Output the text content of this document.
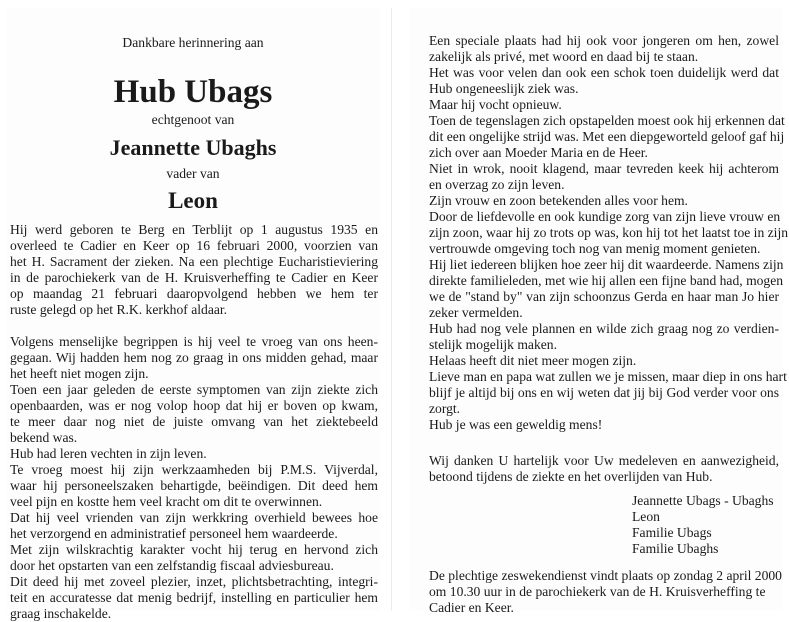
Dankbare herinnering aan
Hub Ubags
echtgenoot van
Jeannette Ubaghs
vader van
Leon
Hij werd geboren te Berg en Terblijt op 1 augustus 1935 en
overleed te Cadier en Keer op 16 februari 2000, voorzien van
het H. Sacrament der zieken. Na een plechtige Eucharistieviering
in de parochiekerk van de H. Kruisverheffing te Cadier en Keer
op maandag 21 februari daaropvolgend hebben we hem ter
ruste gelegd op het R.K. kerkhof aldaar.
Volgens menselijke begrippen is hij veel te vroeg van ons heen-
gegaan. Wij hadden hem nog zo graag in ons midden gehad, maar
het heeft niet mogen zijn.
Toen een jaar geleden de eerste symptomen van zijn ziekte zich
openbaarden, was er nog volop hoop dat hij er boven op kwam,
te meer daar nog niet de juiste omvang van het ziektebeeld
bekend was.
Hub had leren vechten in zijn leven.
Te vroeg moest hij zijn werkzaamheden bij P.M.S. Vijverdal,
waar hij personeelszaken behartigde, beëindigen. Dit deed hem
veel pijn en kostte hem veel kracht om dit te overwinnen.
Dat hij veel vrienden van zijn werkkring overhield bewees hoe
het verzorgend en administratief personeel hem waardeerde.
Met zijn wilskrachtig karakter vocht hij terug en hervond zich
door het opstarten van een zelfstandig fiscaal adviesbureau.
Dit deed hij met zoveel plezier, inzet, plichtsbetrachting, integri-
teit en accuratesse dat menig bedrijf, instelling en particulier hem
graag inschakelde.
Een speciale plaats had hij ook voor jongeren om hen, zowel
zakelijk als privé, met woord en daad bij te staan.
Het was voor velen dan ook een schok toen duidelijk werd dat
Hub ongeneeslijk ziek was.
Maar hij vocht opnieuw.
Toen de tegenslagen zich opstapelden moest ook hij erkennen dat
dit een ongelijke strijd was. Met een diepgeworteld geloof gaf hij
zich over aan Moeder Maria en de Heer.
Niet in wrok, nooit klagend, maar tevreden keek hij achterom
en overzag zo zijn leven.
Zijn vrouw en zoon betekenden alles voor hem.
Door de liefdevolle en ook kundige zorg van zijn lieve vrouw en
zijn zoon, waar hij zo trots op was, kon hij tot het laatst toe in zijn
vertrouwde omgeving toch nog van menig moment genieten.
Hij liet iedereen blijken hoe zeer hij dit waardeerde. Namens zijn
direkte familieleden, met wie hij allen een fijne band had, mogen
we de "stand by" van zijn schoonzus Gerda en haar man Jo hier
zeker vermelden.
Hub had nog vele plannen en wilde zich graag nog zo verdien-
stelijk mogelijk maken.
Helaas heeft dit niet meer mogen zijn.
Lieve man en papa wat zullen we je missen, maar diep in ons hart
blijf je altijd bij ons en wij weten dat jij bij God verder voor ons
zorgt.
Hub je was een geweldig mens!
Wij danken U hartelijk voor Uw medeleven en aanwezigheid,
betoond tijdens de ziekte en het overlijden van Hub.
Jeannette Ubags - Ubaghs
Leon
Familie Ubags
Familie Ubaghs
De plechtige zeswekendienst vindt plaats op zondag 2 april 2000
om 10.30 uur in de parochiekerk van de H. Kruisverheffing te
Cadier en Keer.
